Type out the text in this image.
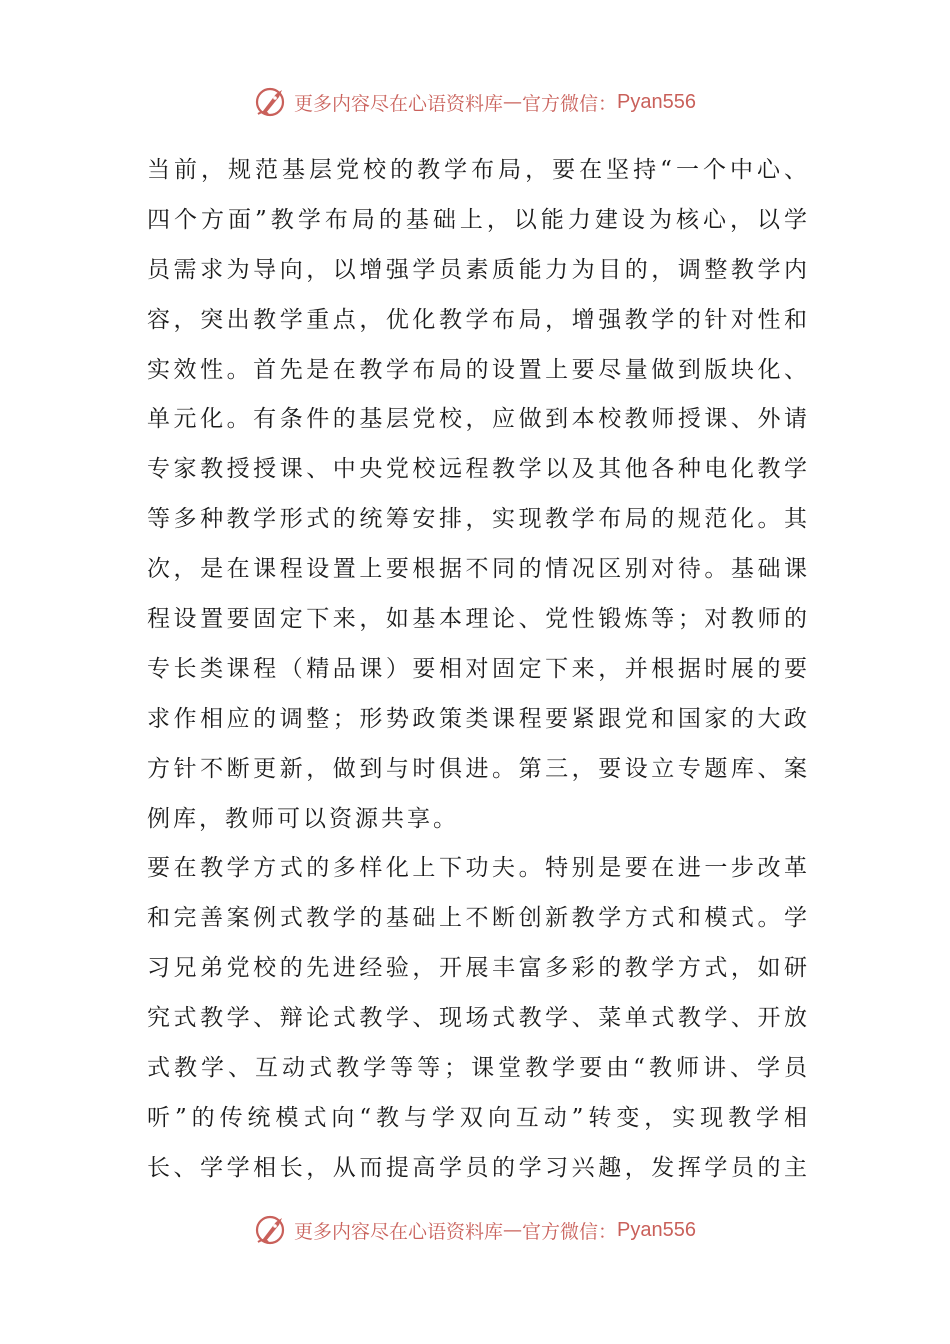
更多内容尽在心语资料库 — 官方微信： Pyan556
当前，规范基层党校的教学布局，要在坚持“一个中心、
四个方面”教学布局的基础上，以能力建设为核心，以学
员需求为导向，以增强学员素质能力为目的，调整教学内
容，突出教学重点，优化教学布局，增强教学的针对性和
实效性。首先是在教学布局的设置上要尽量做到版块化、
单元化。有条件的基层党校，应做到本校教师授课、外请
专家教授授课、中央党校远程教学以及其他各种电化教学
等多种教学形式的统筹安排，实现教学布局的规范化。其
次，是在课程设置上要根据不同的情况区别对待。基础课
程设置要固定下来，如基本理论、党性锻炼等；对教师的
专长类课程（精品课）要相对固定下来，并根据时展的要
求作相应的调整；形势政策类课程要紧跟党和国家的大政
方针不断更新，做到与时俱进。第三，要设立专题库、案
例库，教师可以资源共享。
要在教学方式的多样化上下功夫。特别是要在进一步改革
和完善案例式教学的基础上不断创新教学方式和模式。学
习兄弟党校的先进经验，开展丰富多彩的教学方式，如研
究式教学、辩论式教学、现场式教学、菜单式教学、开放
式教学、互动式教学等等；课堂教学要由“教师讲、学员
听”的传统模式向“教与学双向互动”转变，实现教学相
长、学学相长，从而提高学员的学习兴趣，发挥学员的主
更多内容尽在心语资料库 — 官方微信： Pyan556
